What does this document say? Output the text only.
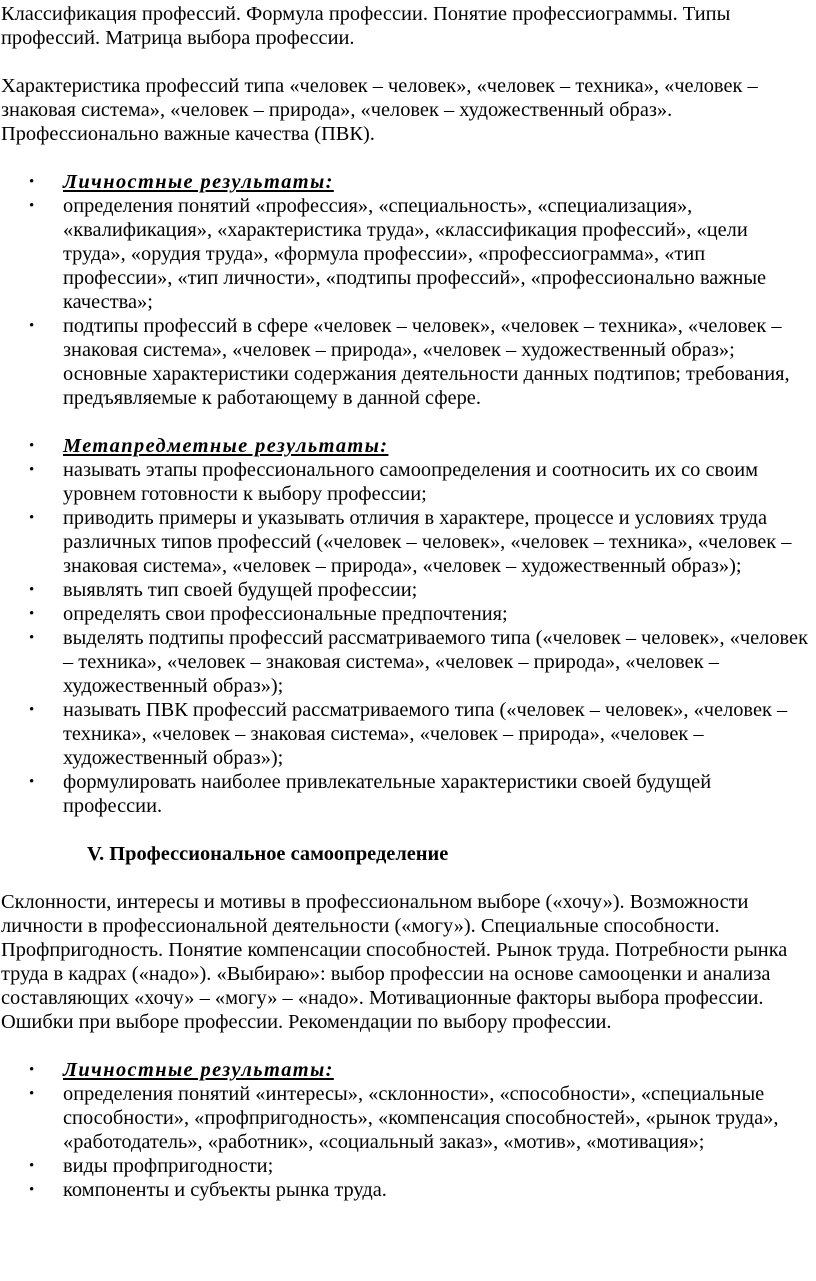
Классификация профессий. Формула профессии. Понятие профессиограммы. Типы профессий. Матрица выбора профессии.

Характеристика профессий типа «человек – человек», «человек – техника», «человек – знаковая система», «человек – природа», «человек – художественный образ». Профессионально важные качества (ПВК).

• Личностные результаты:
• определения понятий «профессия», «специальность», «специализация», «квалификация», «характеристика труда», «классификация профессий», «цели труда», «орудия труда», «формула профессии», «профессиограмма», «тип профессии», «тип личности», «подтипы профессий», «профессионально важные качества»;
• подтипы профессий в сфере «человек – человек», «человек – техника», «человек – знаковая система», «человек – природа», «человек – художественный образ»; основные характеристики содержания деятельности данных подтипов; требования, предъявляемые к работающему в данной сфере.
• Метапредметные результаты:
• называть этапы профессионального самоопределения и соотносить их со своим уровнем готовности к выбору профессии;
• приводить примеры и указывать отличия в характере, процессе и условиях труда различных типов профессий («человек – человек», «человек – техника», «человек – знаковая система», «человек – природа», «человек – художественный образ»);
• выявлять тип своей будущей профессии;
• определять свои профессиональные предпочтения;
• выделять подтипы профессий рассматриваемого типа («человек – человек», «человек – техника», «человек – знаковая система», «человек – природа», «человек – художественный образ»);
• называть ПВК профессий рассматриваемого типа («человек – человек», «человек – техника», «человек – знаковая система», «человек – природа», «человек – художественный образ»);
• формулировать наиболее привлекательные характеристики своей будущей профессии.

V. Профессиональное самоопределение

Склонности, интересы и мотивы в профессиональном выборе («хочу»). Возможности личности в профессиональной деятельности («могу»). Специальные способности. Профпригодность. Понятие компенсации способностей. Рынок труда. Потребности рынка труда в кадрах («надо»). «Выбираю»: выбор профессии на основе самооценки и анализа составляющих «хочу» – «могу» – «надо». Мотивационные факторы выбора профессии. Ошибки при выборе профессии. Рекомендации по выбору профессии.

• Личностные результаты:
• определения понятий «интересы», «склонности», «способности», «специальные способности», «профпригодность», «компенсация способностей», «рынок труда», «работодатель», «работник», «социальный заказ», «мотив», «мотивация»;
• виды профпригодности;
• компоненты и субъекты рынка труда.
